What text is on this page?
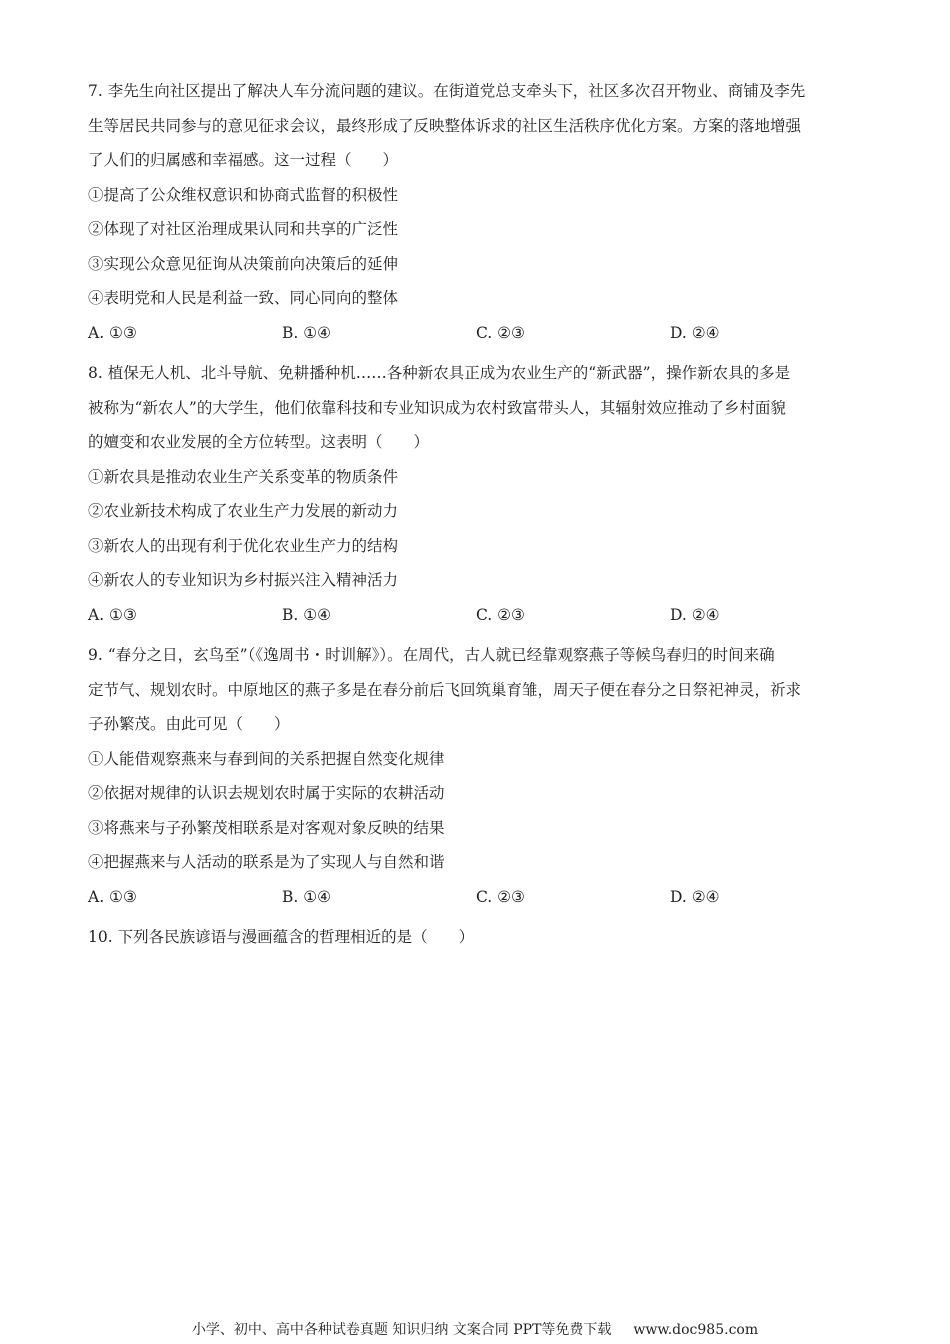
7. 李先生向社区提出了解决人车分流问题的建议。在街道党总支牵头下，社区多次召开物业、商铺及李先
生等居民共同参与的意见征求会议，最终形成了反映整体诉求的社区生活秩序优化方案。方案的落地增强
了人们的归属感和幸福感。这一过程（　　）
①提高了公众维权意识和协商式监督的积极性
②体现了对社区治理成果认同和共享的广泛性
③实现公众意见征询从决策前向决策后的延伸
④表明党和人民是利益一致、同心同向的整体
A. ①③	B. ①④	C. ②③	D. ②④
8. 植保无人机、北斗导航、免耕播种机……各种新农具正成为农业生产的“新武器”，操作新农具的多是
被称为“新农人”的大学生，他们依靠科技和专业知识成为农村致富带头人，其辐射效应推动了乡村面貌
的嬗变和农业发展的全方位转型。这表明（　　）
①新农具是推动农业生产关系变革的物质条件
②农业新技术构成了农业生产力发展的新动力
③新农人的出现有利于优化农业生产力的结构
④新农人的专业知识为乡村振兴注入精神活力
A. ①③	B. ①④	C. ②③	D. ②④
9. “春分之日，玄鸟至”（《逸周书・时训解》）。在周代，古人就已经靠观察燕子等候鸟春归的时间来确
定节气、规划农时。中原地区的燕子多是在春分前后飞回筑巢育雏，周天子便在春分之日祭祀神灵，祈求
子孙繁茂。由此可见（　　）
①人能借观察燕来与春到间的关系把握自然变化规律
②依据对规律的认识去规划农时属于实际的农耕活动
③将燕来与子孙繁茂相联系是对客观对象反映的结果
④把握燕来与人活动的联系是为了实现人与自然和谐
A. ①③	B. ①④	C. ②③	D. ②④
10. 下列各民族谚语与漫画蕴含的哲理相近的是（　　）
小学、初中、高中各种试卷真题 知识归纳 文案合同 PPT等免费下载 www.doc985.com
